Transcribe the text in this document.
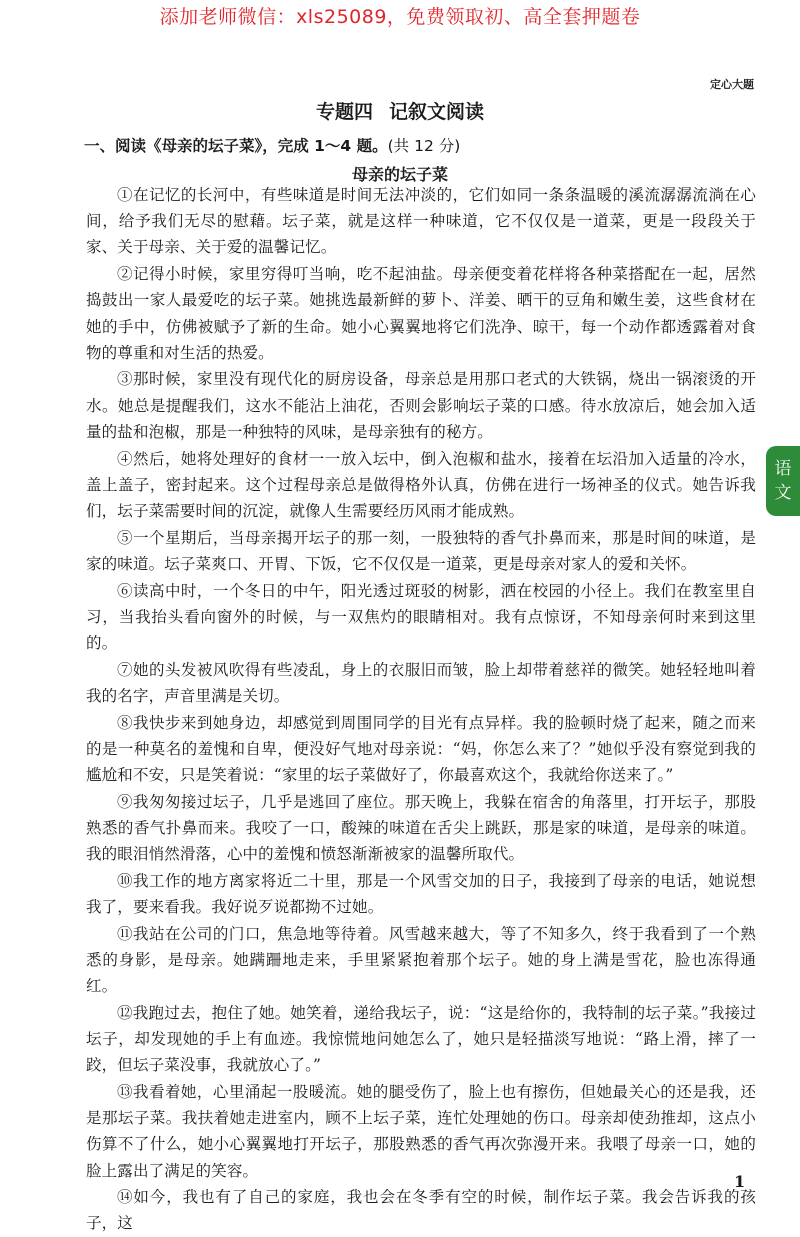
添加老师微信：xls25089，免费领取初、高全套押题卷
定心大题
专题四 记叙文阅读
一、阅读《母亲的坛子菜》，完成 1～4 题。(共 12 分)
母亲的坛子菜

①在记忆的长河中，有些味道是时间无法冲淡的，它们如同一条条温暖的溪流潺潺流淌在心间，给予我们无尽的慰藉。坛子菜，就是这样一种味道，它不仅仅是一道菜，更是一段段关于家、关于母亲、关于爱的温馨记忆。

②记得小时候，家里穷得叮当响，吃不起油盐。母亲便变着花样将各种菜搭配在一起，居然捣鼓出一家人最爱吃的坛子菜。她挑选最新鲜的萝卜、洋姜、晒干的豆角和嫩生姜，这些食材在她的手中，仿佛被赋予了新的生命。她小心翼翼地将它们洗净、晾干，每一个动作都透露着对食物的尊重和对生活的热爱。

③那时候，家里没有现代化的厨房设备，母亲总是用那口老式的大铁锅，烧出一锅滚烫的开水。她总是提醒我们，这水不能沾上油花，否则会影响坛子菜的口感。待水放凉后，她会加入适量的盐和泡椒，那是一种独特的风味，是母亲独有的秘方。

④然后，她将处理好的食材一一放入坛中，倒入泡椒和盐水，接着在坛沿加入适量的冷水，盖上盖子，密封起来。这个过程母亲总是做得格外认真，仿佛在进行一场神圣的仪式。她告诉我们，坛子菜需要时间的沉淀，就像人生需要经历风雨才能成熟。

⑤一个星期后，当母亲揭开坛子的那一刻，一股独特的香气扑鼻而来，那是时间的味道，是家的味道。坛子菜爽口、开胃、下饭，它不仅仅是一道菜，更是母亲对家人的爱和关怀。

⑥读高中时，一个冬日的中午，阳光透过斑驳的树影，洒在校园的小径上。我们在教室里自习，当我抬头看向窗外的时候，与一双焦灼的眼睛相对。我有点惊讶，不知母亲何时来到这里的。

⑦她的头发被风吹得有些凌乱，身上的衣服旧而皱，脸上却带着慈祥的微笑。她轻轻地叫着我的名字，声音里满是关切。

⑧我快步来到她身边，却感觉到周围同学的目光有点异样。我的脸顿时烧了起来，随之而来的是一种莫名的羞愧和自卑，便没好气地对母亲说：“妈，你怎么来了？”她似乎没有察觉到我的尴尬和不安，只是笑着说：“家里的坛子菜做好了，你最喜欢这个，我就给你送来了。”

⑨我匆匆接过坛子，几乎是逃回了座位。那天晚上，我躲在宿舍的角落里，打开坛子，那股熟悉的香气扑鼻而来。我咬了一口，酸辣的味道在舌尖上跳跃，那是家的味道，是母亲的味道。我的眼泪悄然滑落，心中的羞愧和愤怒渐渐被家的温馨所取代。

⑩我工作的地方离家将近二十里，那是一个风雪交加的日子，我接到了母亲的电话，她说想我了，要来看我。我好说歹说都拗不过她。

⑪我站在公司的门口，焦急地等待着。风雪越来越大，等了不知多久，终于我看到了一个熟悉的身影，是母亲。她蹒跚地走来，手里紧紧抱着那个坛子。她的身上满是雪花，脸也冻得通红。

⑫我跑过去，抱住了她。她笑着，递给我坛子，说：“这是给你的，我特制的坛子菜。”我接过坛子，却发现她的手上有血迹。我惊慌地问她怎么了，她只是轻描淡写地说：“路上滑，摔了一跤，但坛子菜没事，我就放心了。”

⑬我看着她，心里涌起一股暖流。她的腿受伤了，脸上也有擦伤，但她最关心的还是我，还是那坛子菜。我扶着她走进室内，顾不上坛子菜，连忙处理她的伤口。母亲却使劲推却，这点小伤算不了什么，她小心翼翼地打开坛子，那股熟悉的香气再次弥漫开来。我喂了母亲一口，她的脸上露出了满足的笑容。

⑭如今，我也有了自己的家庭，我也会在冬季有空的时候，制作坛子菜。我会告诉我的孩子，这

语
文
1
